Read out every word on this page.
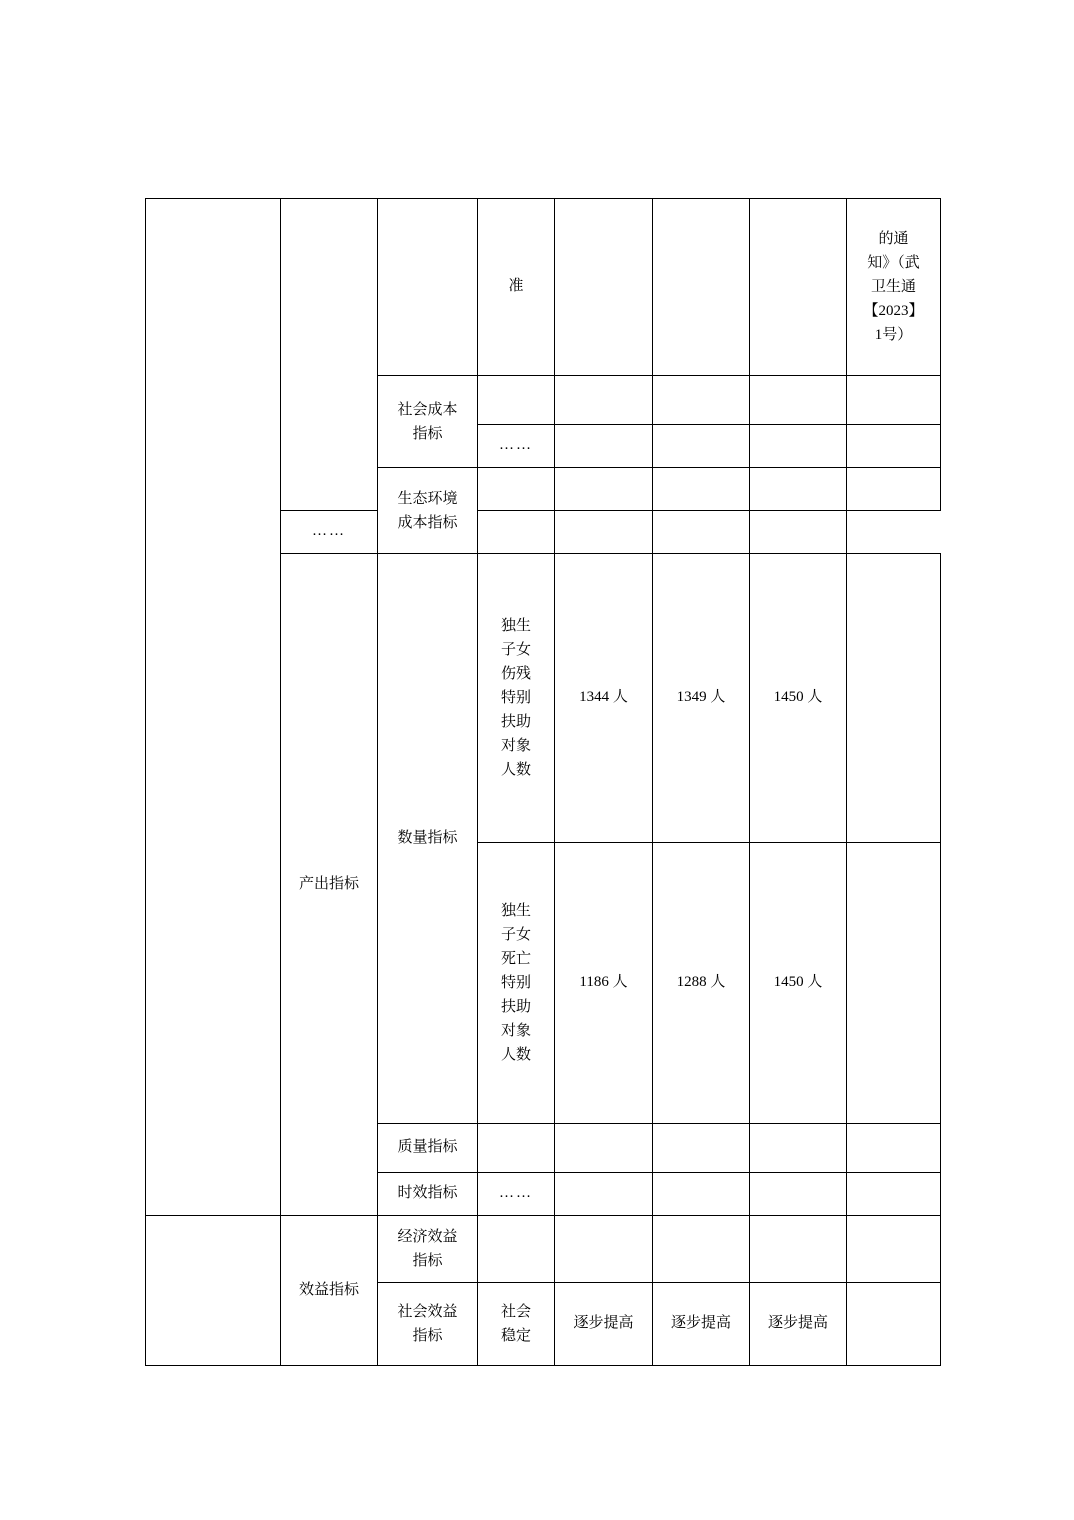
			准				的通知》（武卫生通【2023】1号）

		社会成本指标					

			……				

		生态环境成本指标					

	……						
	产出指标	数量指标	独生子女伤残特别扶助对象人数	1344 人	1349 人	1450 人	

			独生子女死亡特别扶助对象人数	1186 人	1288 人	1450 人	
		质量指标					
		时效指标	……				
	效益指标	经济效益指标					

		社会效益指标	社会稳定	逐步提高	逐步提高	逐步提高	
